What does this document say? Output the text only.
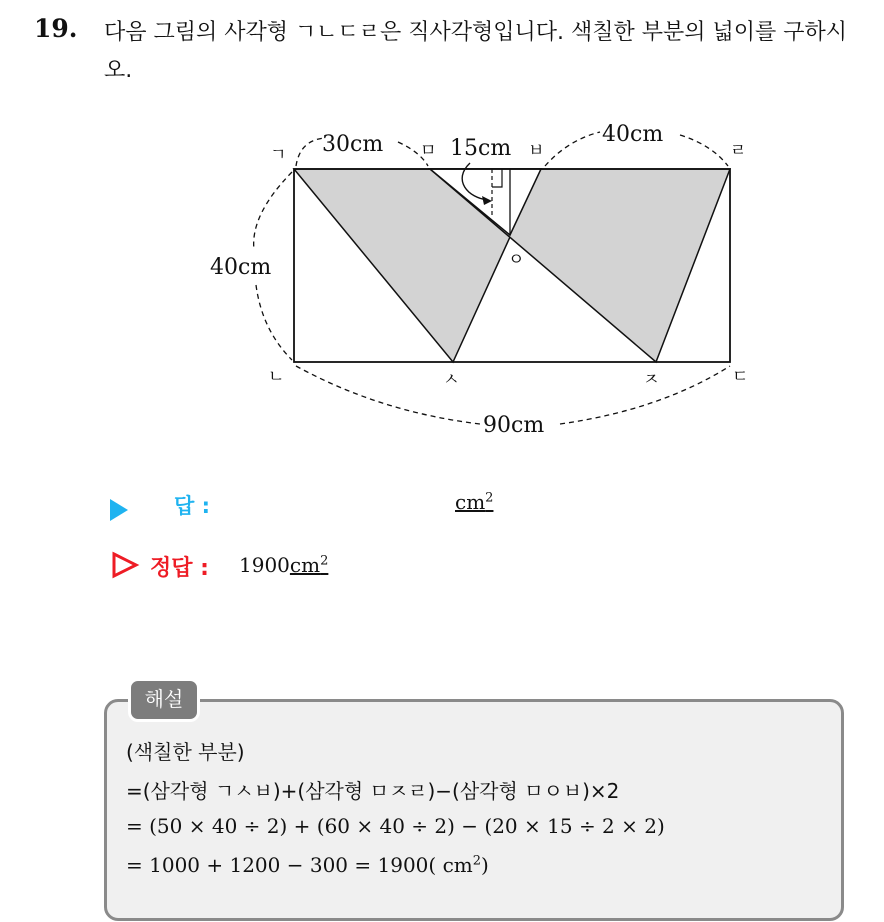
19. 다음 그림의 사각형 ㄱㄴㄷㄹ은 직사각형입니다. 색칠한 부분의 넓이를 구하시오.
30cm	15cm
40cm
40cm
90cm
ㄱ	ㅁ	ㅂ	ㄹ
ㅇ
ㄴ	ㅅ	ㅈ	ㄷ
답 :	$cm^2$
정답 : $1900cm^2$
해설
(색칠한 부분)
=(삼각형 ㄱㅅㅂ)+(삼각형 ㅁㅈㄹ)−(삼각형 ㅁㅇㅂ)×2
= (50 × 40 ÷ 2) + (60 × 40 ÷ 2) − (20 × 15 ÷ 2 × 2)
= 1000 + 1200 − 300 = 1900( $cm^2$)
